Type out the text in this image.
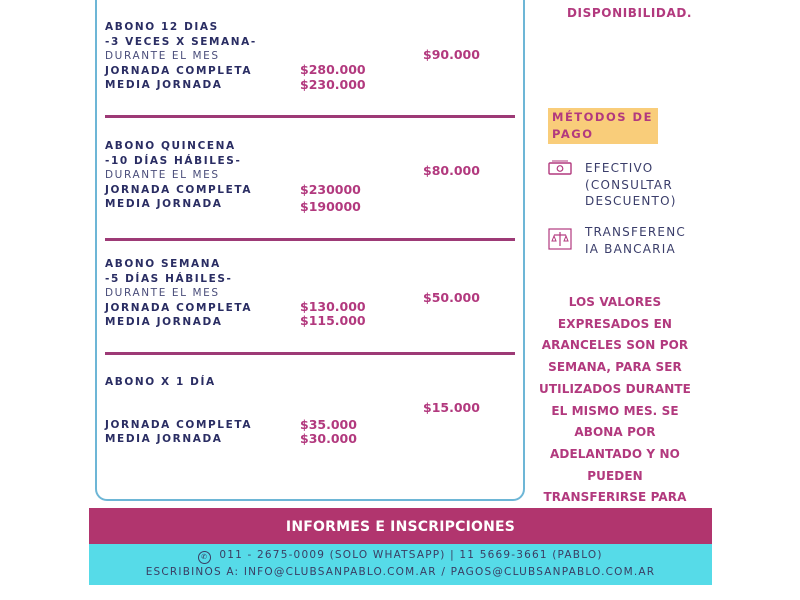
ABONO 12 DIAS
-3 VECES X SEMANA-
DURANTE EL MES
JORNADA COMPLETA
MEDIA JORNADA
$280.000
$230.000
$90.000
ABONO QUINCENA
-10 DÍAS HÁBILES-
DURANTE EL MES
JORNADA COMPLETA
MEDIA JORNADA
$230000
$190000
$80.000
ABONO SEMANA
-5 DÍAS HÁBILES-
DURANTE EL MES
JORNADA COMPLETA
MEDIA JORNADA
$130.000
$115.000
$50.000
ABONO X 1 DÍA
JORNADA COMPLETA
MEDIA JORNADA
$35.000
$30.000
$15.000
DISPONIBILIDAD.
MÉTODOS DE PAGO
EFECTIVO
(CONSULTAR
DESCUENTO)
TRANSFERENC
IA BANCARIA
LOS VALORES EXPRESADOS EN ARANCELES SON POR SEMANA, PARA SER UTILIZADOS DURANTE EL MISMO MES. SE ABONA POR ADELANTADO Y NO PUEDEN TRANSFERIRSE PARA
INFORMES E INSCRIPCIONES
✆ 011 - 2675-0009 (SOLO WHATSAPP) | 11 5669-3661 (PABLO)
ESCRIBINOS A: INFO@CLUBSANPABLO.COM.AR / PAGOS@CLUBSANPABLO.COM.AR
